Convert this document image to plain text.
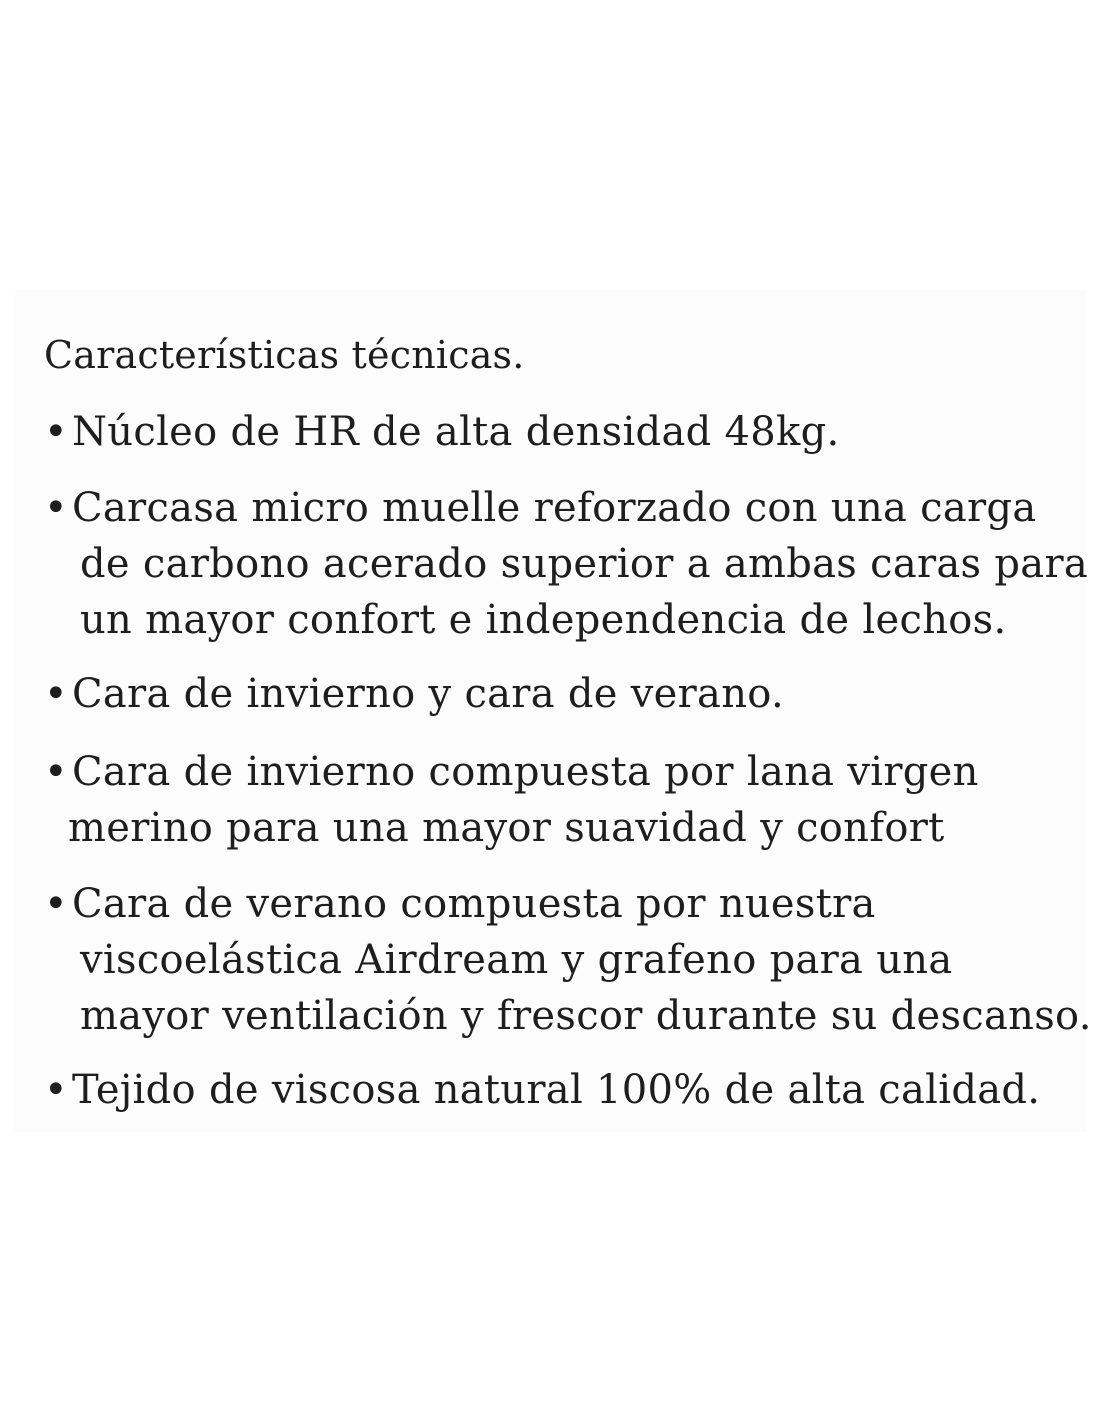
Características técnicas.
• Núcleo de HR de alta densidad 48kg.
• Carcasa micro muelle reforzado con una carga
de carbono acerado superior a ambas caras para
un mayor confort e independencia de lechos.
• Cara de invierno y cara de verano.
• Cara de invierno compuesta por lana virgen
merino para una mayor suavidad y confort
• Cara de verano compuesta por nuestra
viscoelástica Airdream y grafeno para una
mayor ventilación y frescor durante su descanso.
• Tejido de viscosa natural 100% de alta calidad.
